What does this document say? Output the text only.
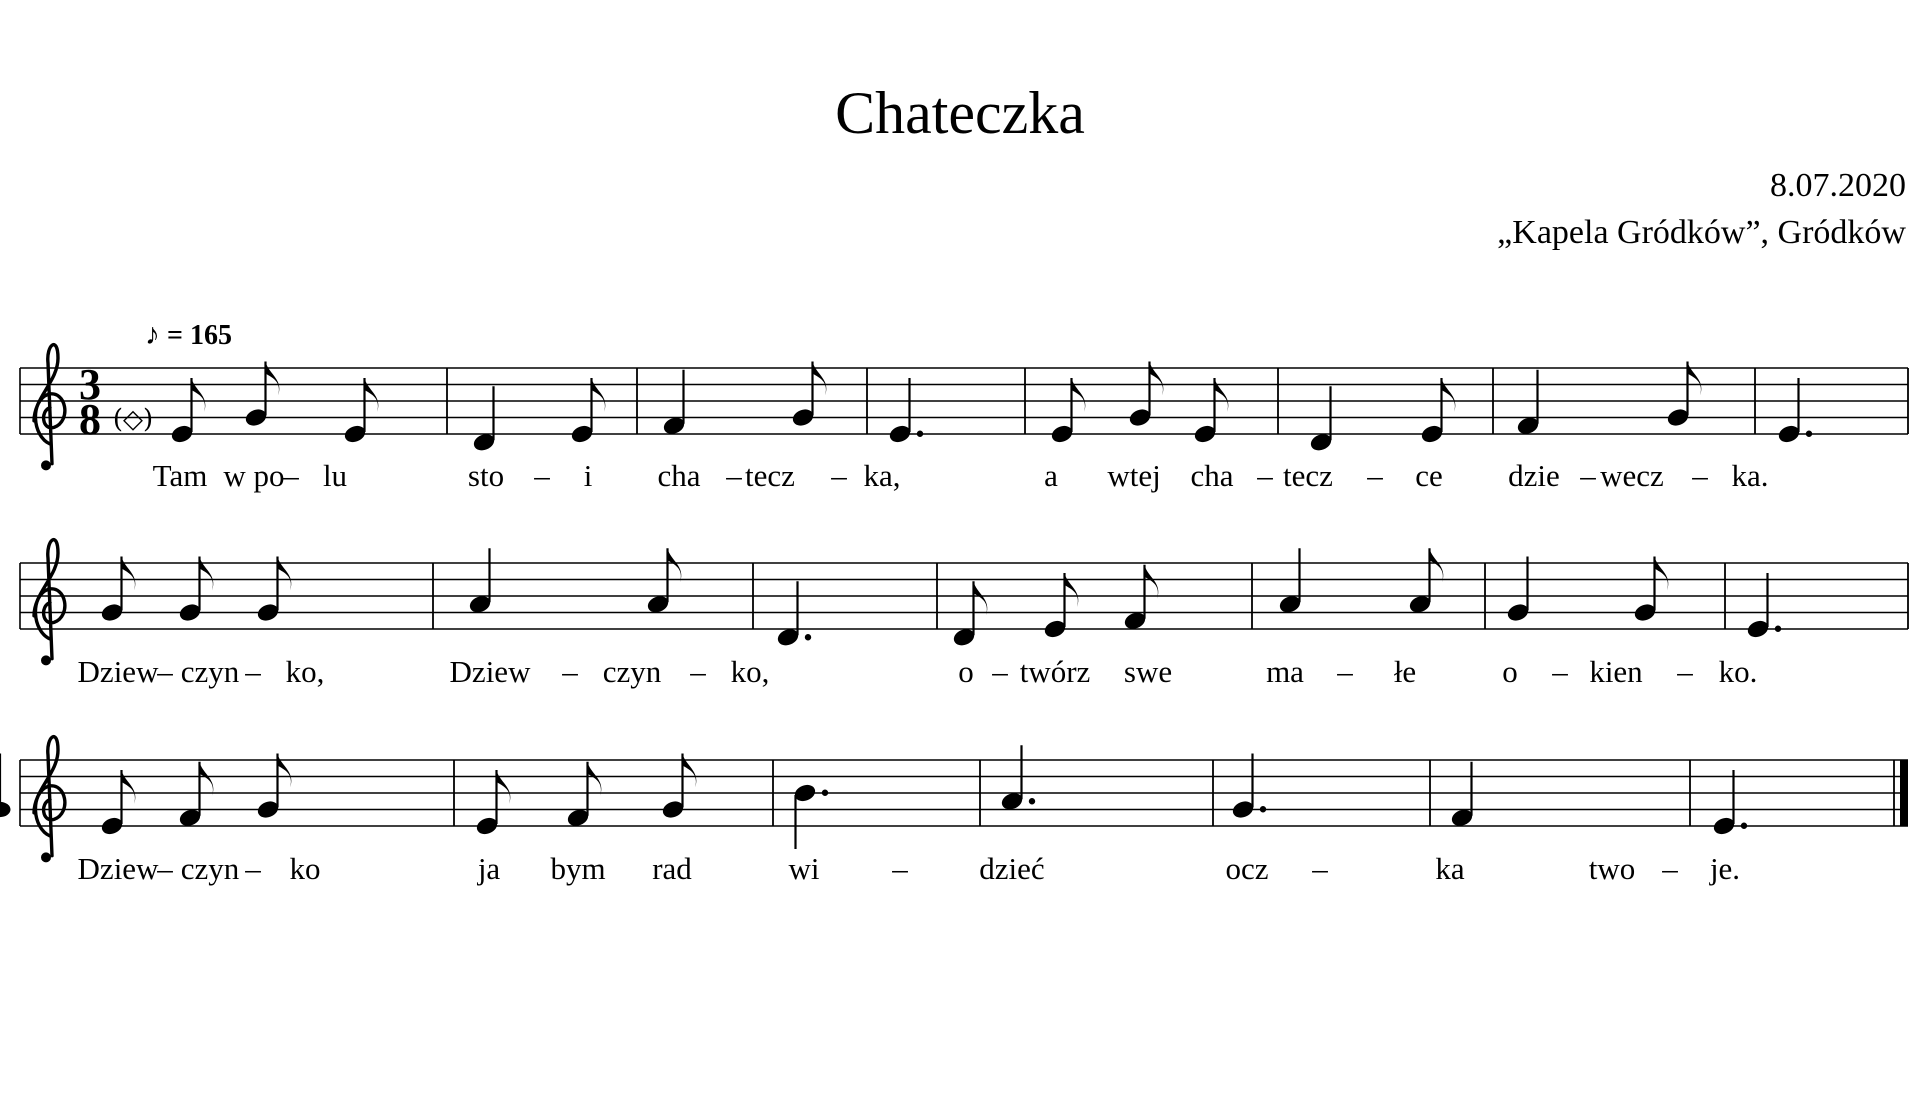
Chateczka
8.07.2020
„Kapela Gródków”, Gródków
♪ = 165
3
8 (◇)
Tam w po
– lu	sto – i cha – tecz – ka,	a wtej cha – tecz – ce dzie – wecz – ka.
Dziew
– czyn – ko,	Dziew – czyn – ko,	o – twórz swe	ma – łe	o – kien – ko.
Dziew
– czyn – ko	ja bym rad	wi – dzieć	ocz –	ka	two – je.
